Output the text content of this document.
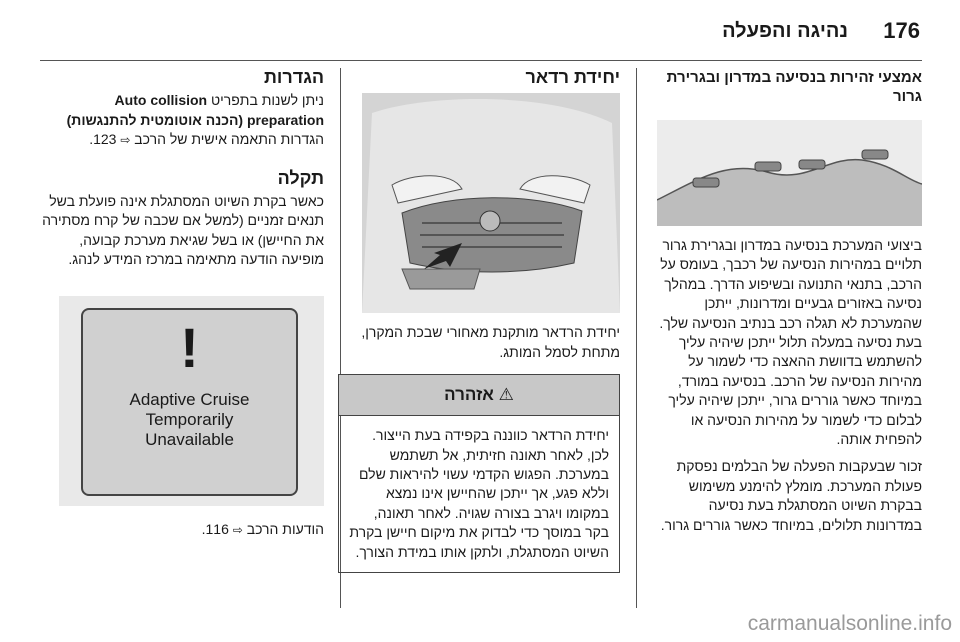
176
נהיגה והפעלה
אמצעי זהירות בנסיעה במדרון ובגרירת גרור

ביצועי המערכת בנסיעה במדרון ובגרירת גרור תלויים במהירות הנסיעה של רכבך, בעומס על הרכב, בתנאי התנועה ובשיפוע הדרך. במהלך נסיעה באזורים גבעיים ומדרונות, ייתכן שהמערכת לא תגלה רכב בנתיב הנסיעה שלך. בעת נסיעה במעלה תלול ייתכן שיהיה עליך להשתמש בדוושת ההאצה כדי לשמור על מהירות הנסיעה של הרכב. בנסיעה במורד, במיוחד כאשר גוררים גרור, ייתכן שיהיה עליך לבלום כדי לשמור על מהירות הנסיעה או להפחית אותה.

זכור שבעקבות הפעלה של הבלמים נפסקת פעולת המערכת. מומלץ להימנע משימוש בבקרת השיוט המסתגלת בעת נסיעה במדרונות תלולים, במיוחד כאשר גוררים גרור.

יחידת רדאר

יחידת הרדאר מותקנת מאחורי שבכת המקרן, מתחת לסמל המותג.

⚠ אזהרה
יחידת הרדאר כווננה בקפידה בעת הייצור. לכן, לאחר תאונה חזיתית, אל תשתמש במערכת. הפגוש הקדמי עשוי להיראות שלם וללא פגע, אך ייתכן שהחיישן אינו נמצא במקומו ויגרב בצורה שגויה. לאחר תאונה, בקר במוסך כדי לבדוק את מיקום חיישן בקרת השיוט המסתגלת, ולתקן אותו במידת הצורך.
הגדרות

ניתן לשנות בתפריט Auto collision preparation (הכנה אוטומטית להתנגשות) הגדרות התאמה אישית של הרכב ⇨ 123.

תקלה

כאשר בקרת השיוט המסתגלת אינה פועלת בשל תנאים זמניים (למשל אם שכבה של קרח מסתירה את החיישן) או בשל שגיאת מערכת קבועה, מופיעה הודעה מתאימה במרכז המידע לנהג.

!
Adaptive Cruise
Temporarily
Unavailable

הודעות הרכב ⇨ 116.

carmanualsonline.info
